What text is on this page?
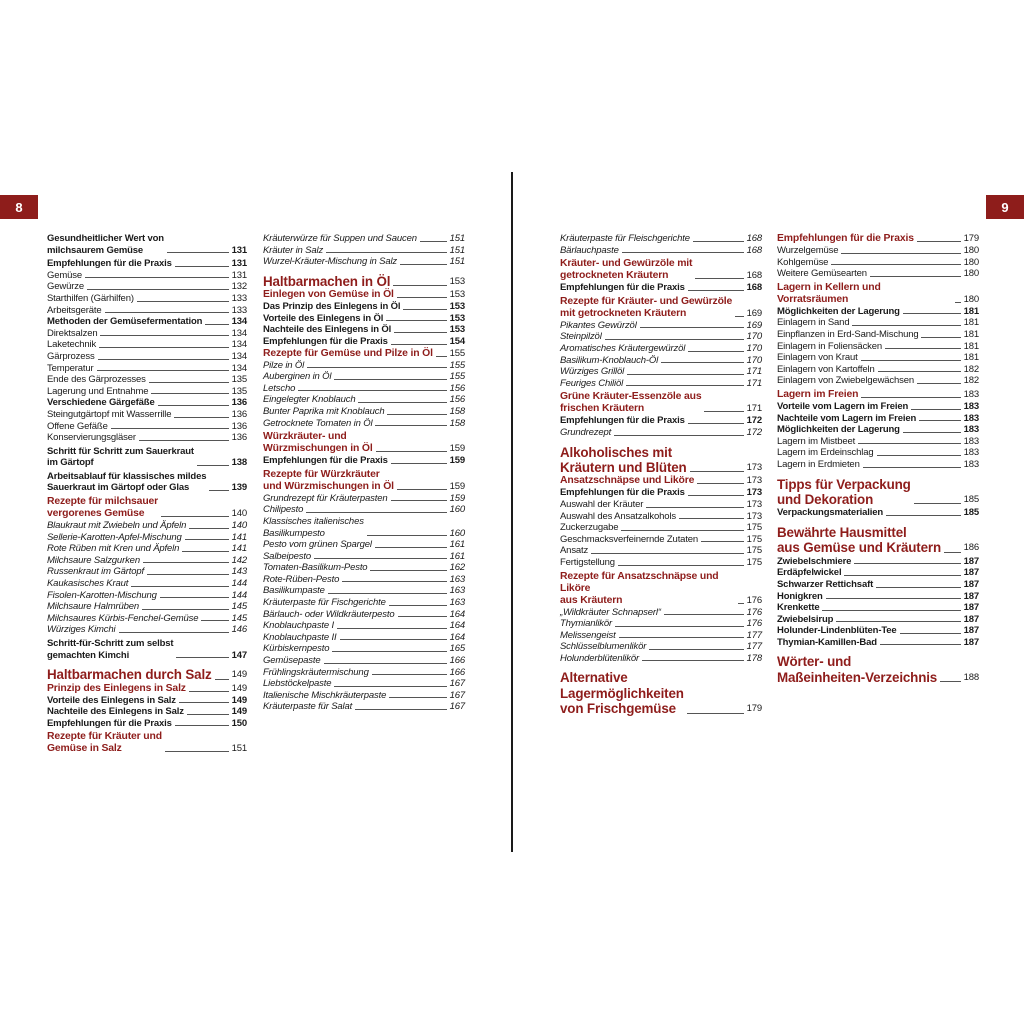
8	9
Gesundheitlicher Wert von
milchsaurem Gemüse	131
Empfehlungen für die Praxis	131
Gemüse	131
Gewürze	132
Starthilfen (Gärhilfen)	133
Arbeitsgeräte	133
Methoden der Gemüsefermentation	134
Direktsalzen	134
Laketechnik	134
Gärprozess	134
Temperatur	134
Ende des Gärprozesses	135
Lagerung und Entnahme	135
Verschiedene Gärgefäße	136
Steingutgärtopf mit Wasserrille	136
Offene Gefäße	136
Konservierungsgläser	136
Schritt für Schritt zum Sauerkraut
im Gärtopf	138
Arbeitsablauf für klassisches mildes
Sauerkraut im Gärtopf oder Glas	139
Rezepte für milchsauer
vergorenes Gemüse	140
Blaukraut mit Zwiebeln und Äpfeln	140
Sellerie-Karotten-Apfel-Mischung	141
Rote Rüben mit Kren und Äpfeln	141
Milchsaure Salzgurken	142
Russenkraut im Gärtopf	143
Kaukasisches Kraut	144
Fisolen-Karotten-Mischung	144
Milchsaure Halmrüben	145
Milchsaures Kürbis-Fenchel-Gemüse	145
Würziges Kimchi	146
Schritt-für-Schritt zum selbst
gemachten Kimchi	147
Haltbarmachen durch Salz 149
Prinzip des Einlegens in Salz	149
Vorteile des Einlegens in Salz	149
Nachteile des Einlegens in Salz	149
Empfehlungen für die Praxis	150
Rezepte für Kräuter und
Gemüse in Salz	151
Kräuterwürze für Suppen und Saucen	151
Kräuter in Salz	151
Wurzel-Kräuter-Mischung in Salz	151
Haltbarmachen in Öl	153
Einlegen von Gemüse in Öl	153
Das Prinzip des Einlegens in Öl	153
Vorteile des Einlegens in Öl	153
Nachteile des Einlegens in Öl	153
Empfehlungen für die Praxis	154
Rezepte für Gemüse und Pilze in Öl 155
Pilze in Öl	155
Auberginen in Öl	155
Letscho	156
Eingelegter Knoblauch	156
Bunter Paprika mit Knoblauch	158
Getrocknete Tomaten in Öl	158
Würzkräuter- und
Würzmischungen in Öl	159
Empfehlungen für die Praxis	159
Rezepte für Würzkräuter
und Würzmischungen in Öl	159
Grundrezept für Kräuterpasten	159
Chilipesto	160
Klassisches italienisches
Basilikumpesto	160
Pesto vom grünen Spargel	161
Salbeipesto	161
Tomaten-Basilikum-Pesto	162
Rote-Rüben-Pesto	163
Basilikumpaste	163
Kräuterpaste für Fischgerichte	163
Bärlauch- oder Wildkräuterpesto	164
Knoblauchpaste I	164
Knoblauchpaste II	164
Kürbiskernpesto	165
Gemüsepaste	166
Frühlingskräutermischung	166
Liebstöckelpaste	167
Italienische Mischkräuterpaste	167
Kräuterpaste für Salat	167
Kräuterpaste für Fleischgerichte	168
Bärlauchpaste	168
Kräuter- und Gewürzöle mit
getrockneten Kräutern	168
Empfehlungen für die Praxis	168
Rezepte für Kräuter- und Gewürzöle
mit getrockneten Kräutern	169
Pikantes Gewürzöl	169
Steinpilzöl	170
Aromatisches Kräutergewürzöl	170
Basilikum-Knoblauch-Öl	170
Würziges Grillöl	171
Feuriges Chiliöl	171
Grüne Kräuter-Essenzöle aus
frischen Kräutern	171
Empfehlungen für die Praxis	172
Grundrezept	172
Alkoholisches mit
Kräutern und Blüten	173
Ansatzschnäpse und Liköre	173
Empfehlungen für die Praxis	173
Auswahl der Kräuter	173
Auswahl des Ansatzalkohols	173
Zuckerzugabe	175
Geschmacksverfeinernde Zutaten	175
Ansatz	175
Fertigstellung	175
Rezepte für Ansatzschnäpse und Liköre
aus Kräutern	176
„Wildkräuter Schnapserl“	176
Thymianlikör	176
Melissengeist	177
Schlüsselblumenlikör	177
Holunderblütenlikör	178
Alternative
Lagermöglichkeiten
von Frischgemüse	179
Empfehlungen für die Praxis	179
Wurzelgemüse	180
Kohlgemüse	180
Weitere Gemüsearten	180
Lagern in Kellern und Vorratsräumen	180
Möglichkeiten der Lagerung	181
Einlagern in Sand	181
Einpflanzen in Erd-Sand-Mischung	181
Einlagern in Foliensäcken	181
Einlagern von Kraut	181
Einlagern von Kartoffeln	182
Einlagern von Zwiebelgewächsen	182
Lagern im Freien	183
Vorteile vom Lagern im Freien	183
Nachteile vom Lagern im Freien	183
Möglichkeiten der Lagerung	183
Lagern im Mistbeet	183
Lagern im Erdeinschlag	183
Lagern in Erdmieten	183
Tipps für Verpackung
und Dekoration	185
Verpackungsmaterialien	185
Bewährte Hausmittel
aus Gemüse und Kräutern 186
Zwiebelschmiere	187
Erdäpfelwickel	187
Schwarzer Rettichsaft	187
Honigkren	187
Krenkette	187
Zwiebelsirup	187
Holunder-Lindenblüten-Tee	187
Thymian-Kamillen-Bad	187
Wörter- und
Maßeinheiten-Verzeichnis	188
